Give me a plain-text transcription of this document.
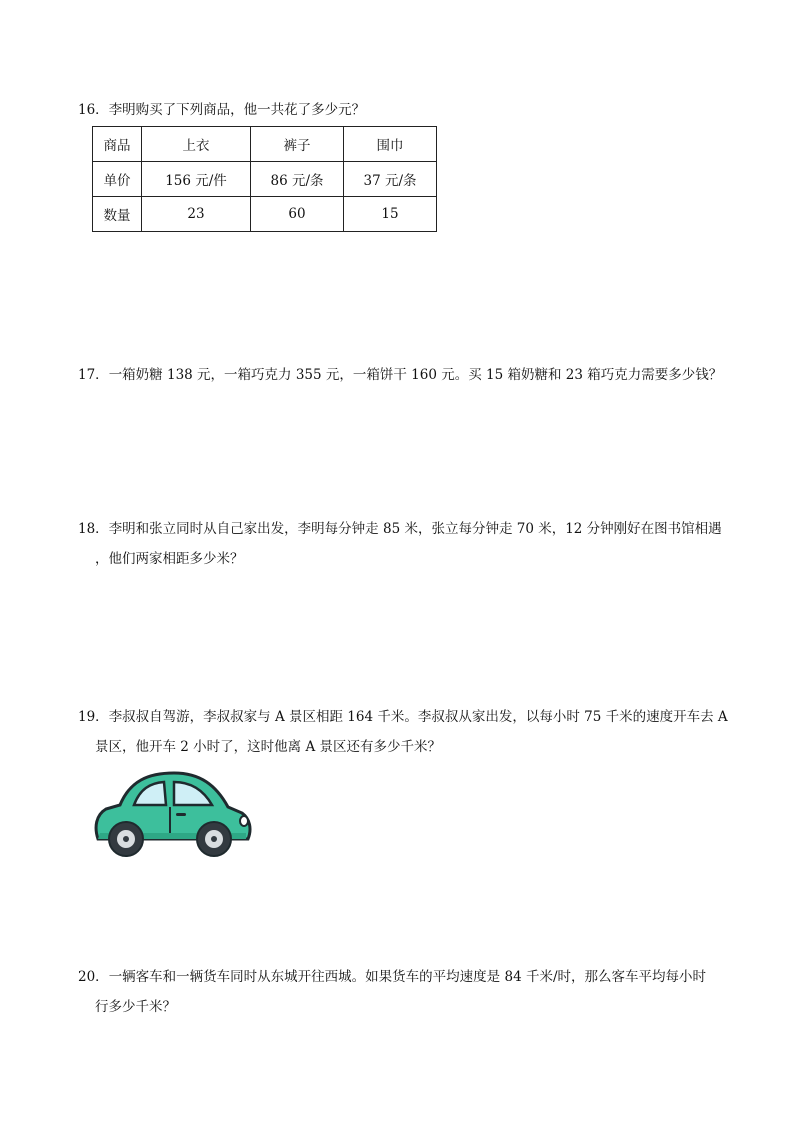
16．李明购买了下列商品，他一共花了多少元？
商品	上衣	裤子	围巾
单价	156 元/件	86 元/条	37 元/条
数量	23	60	15
17．一箱奶糖 138 元，一箱巧克力 355 元，一箱饼干 160 元。买 15 箱奶糖和 23 箱巧克力需要多少钱？
18．李明和张立同时从自己家出发，李明每分钟走 85 米，张立每分钟走 70 米，12 分钟刚好在图书馆相遇
，他们两家相距多少米？
19．李叔叔自驾游，李叔叔家与 A 景区相距 164 千米。李叔叔从家出发，以每小时 75 千米的速度开车去 A
景区，他开车 2 小时了，这时他离 A 景区还有多少千米？
20．一辆客车和一辆货车同时从东城开往西城。如果货车的平均速度是 84 千米/时，那么客车平均每小时
行多少千米？
